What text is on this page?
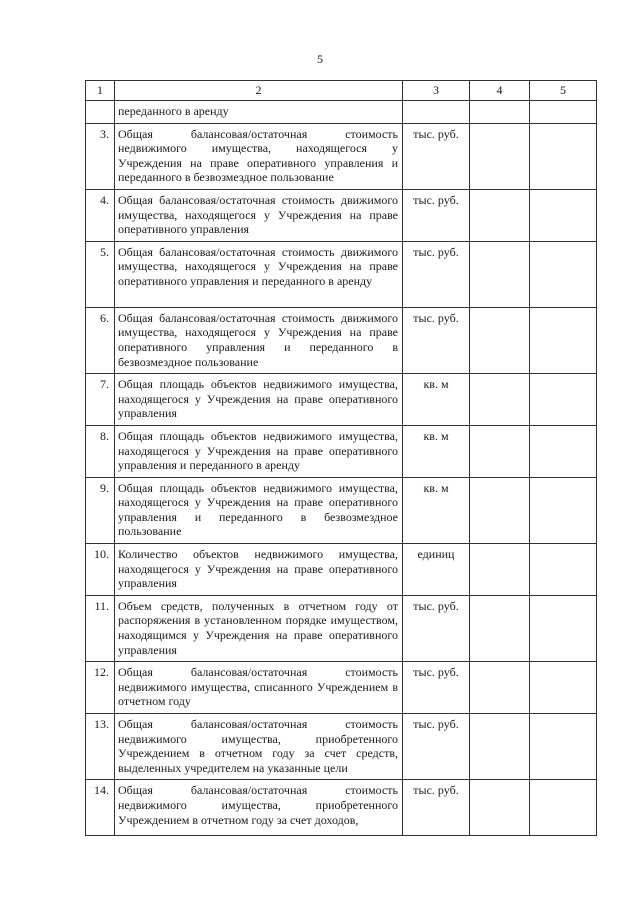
5
1	2	3	4	5
	переданного в аренду			
3.	Общая балансовая/остаточная стоимость недвижимого имущества, находящегося у Учреждения на праве оперативного управления и переданного в безвозмездное пользование	тыс. руб.		
4.	Общая балансовая/остаточная стоимость движимого имущества, находящегося у Учреждения на праве оперативного управления	тыс. руб.		
5.	Общая балансовая/остаточная стоимость движимого имущества, находящегося у Учреждения на праве оперативного управления и переданного в аренду	тыс. руб.		
6.	Общая балансовая/остаточная стоимость движимого имущества, находящегося у Учреждения на праве оперативного управления и переданного в безвозмездное пользование	тыс. руб.		
7.	Общая площадь объектов недвижимого имущества, находящегося у Учреждения на праве оперативного управления	кв. м		
8.	Общая площадь объектов недвижимого имущества, находящегося у Учреждения на праве оперативного управления и переданного в аренду	кв. м		
9.	Общая площадь объектов недвижимого имущества, находящегося у Учреждения на праве оперативного управления и переданного в безвозмездное пользование	кв. м		
10.	Количество объектов недвижимого имущества, находящегося у Учреждения на праве оперативного управления	единиц		
11.	Объем средств, полученных в отчетном году от распоряжения в установленном порядке имуществом, находящимся у Учреждения на праве оперативного управления	тыс. руб.		
12.	Общая балансовая/остаточная стоимость недвижимого имущества, списанного Учреждением в отчетном году	тыс. руб.		
13.	Общая балансовая/остаточная стоимость недвижимого имущества, приобретенного Учреждением в отчетном году за счет средств, выделенных учредителем на указанные цели	тыс. руб.		
14.	Общая балансовая/остаточная стоимость недвижимого имущества, приобретенного Учреждением в отчетном году за счет доходов,	тыс. руб.		
